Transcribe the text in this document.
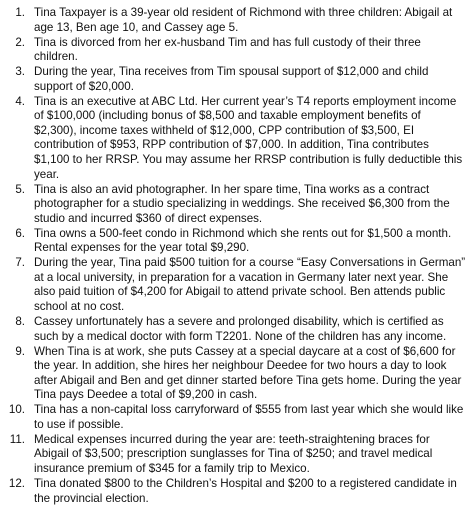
1. Tina Taxpayer is a 39-year old resident of Richmond with three children: Abigail at age 13, Ben age 10, and Cassey age 5.
2. Tina is divorced from her ex-husband Tim and has full custody of their three children.
3. During the year, Tina receives from Tim spousal support of $12,000 and child support of $20,000.
4. Tina is an executive at ABC Ltd. Her current year’s T4 reports employment income of $100,000 (including bonus of $8,500 and taxable employment benefits of $2,300), income taxes withheld of $12,000, CPP contribution of $3,500, EI contribution of $953, RPP contribution of $7,000. In addition, Tina contributes $1,100 to her RRSP. You may assume her RRSP contribution is fully deductible this year.
5. Tina is also an avid photographer. In her spare time, Tina works as a contract photographer for a studio specializing in weddings. She received $6,300 from the studio and incurred $360 of direct expenses.
6. Tina owns a 500-feet condo in Richmond which she rents out for $1,500 a month. Rental expenses for the year total $9,290.
7. During the year, Tina paid $500 tuition for a course “Easy Conversations in German” at a local university, in preparation for a vacation in Germany later next year. She also paid tuition of $4,200 for Abigail to attend private school. Ben attends public school at no cost.
8. Cassey unfortunately has a severe and prolonged disability, which is certified as such by a medical doctor with form T2201. None of the children has any income.
9. When Tina is at work, she puts Cassey at a special daycare at a cost of $6,600 for the year. In addition, she hires her neighbour Deedee for two hours a day to look after Abigail and Ben and get dinner started before Tina gets home. During the year Tina pays Deedee a total of $9,200 in cash.
10. Tina has a non-capital loss carryforward of $555 from last year which she would like to use if possible.
11. Medical expenses incurred during the year are: teeth-straightening braces for Abigail of $3,500; prescription sunglasses for Tina of $250; and travel medical insurance premium of $345 for a family trip to Mexico.
12. Tina donated $800 to the Children’s Hospital and $200 to a registered candidate in the provincial election.
